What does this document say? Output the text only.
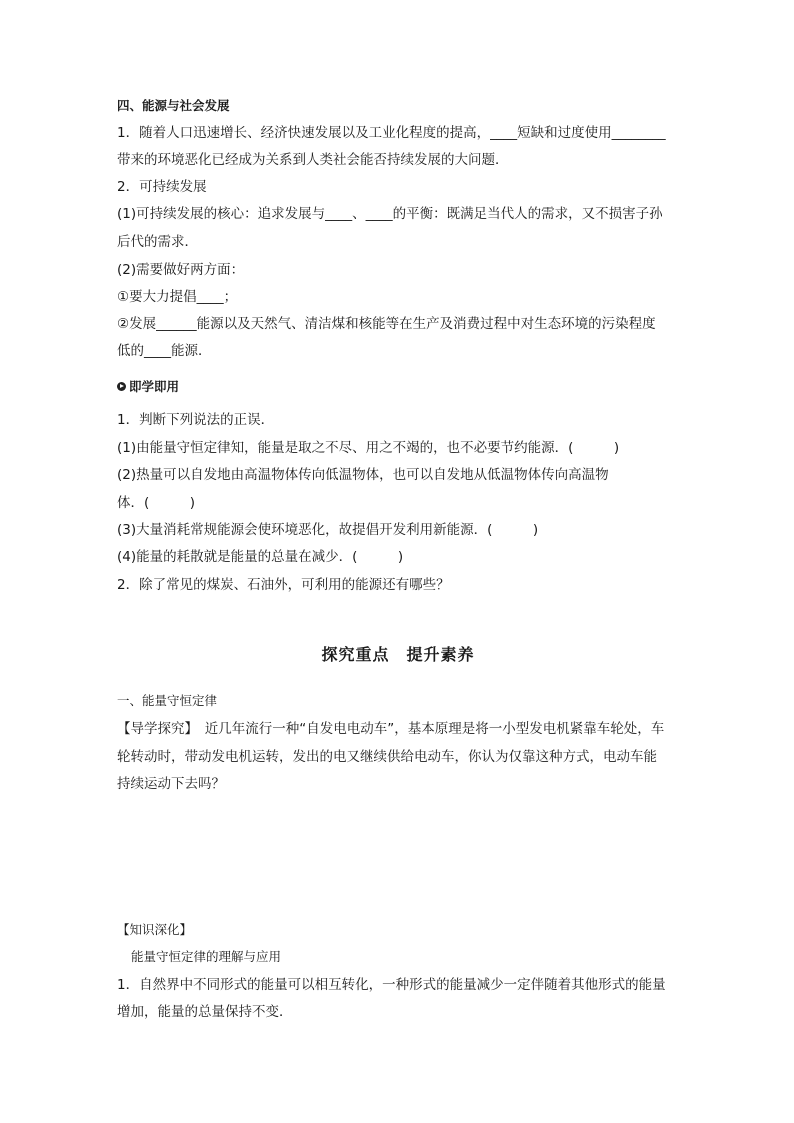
四、能源与社会发展
1．随着人口迅速增长、经济快速发展以及工业化程度的提高，____短缺和过度使用________
带来的环境恶化已经成为关系到人类社会能否持续发展的大问题．
2．可持续发展
(1)可持续发展的核心：追求发展与____、____的平衡：既满足当代人的需求，又不损害子孙
后代的需求．
(2)需要做好两方面：
①要大力提倡____；
②发展______能源以及天然气、清洁煤和核能等在生产及消费过程中对生态环境的污染程度
低的____能源．
即学即用
1．判断下列说法的正误．
(1)由能量守恒定律知，能量是取之不尽、用之不竭的，也不必要节约能源．(　　　)
(2)热量可以自发地由高温物体传向低温物体，也可以自发地从低温物体传向高温物
体．(　　　)
(3)大量消耗常规能源会使环境恶化，故提倡开发利用新能源．(　　　)
(4)能量的耗散就是能量的总量在减少．(　　　)
2．除了常见的煤炭、石油外，可利用的能源还有哪些？
探究重点　提升素养
一、能量守恒定律
【导学探究】　近几年流行一种“自发电电动车”，基本原理是将一小型发电机紧靠车轮处，车
轮转动时，带动发电机运转，发出的电又继续供给电动车，你认为仅靠这种方式，电动车能
持续运动下去吗？
【知识深化】
能量守恒定律的理解与应用
1．自然界中不同形式的能量可以相互转化，一种形式的能量减少一定伴随着其他形式的能量
增加，能量的总量保持不变．
